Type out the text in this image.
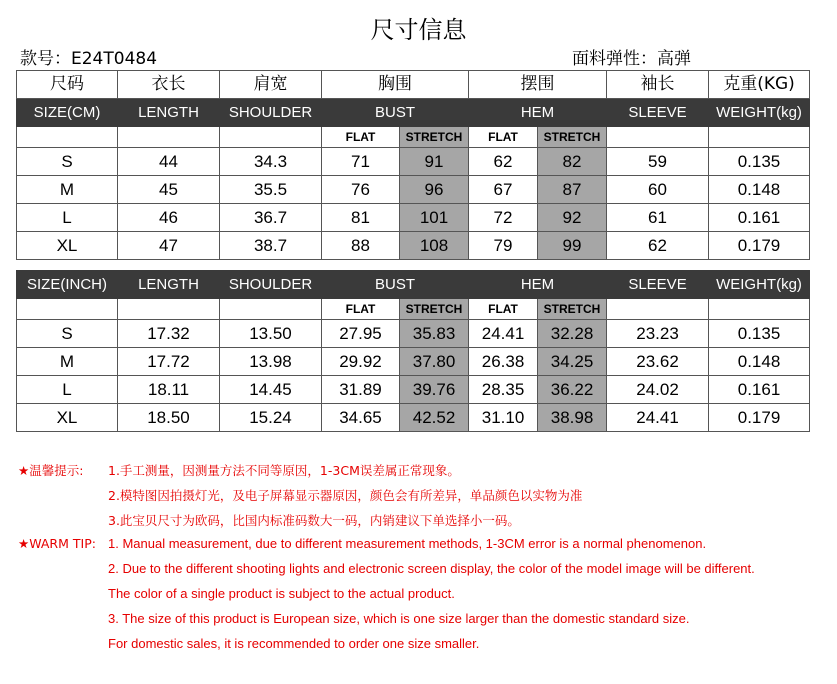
尺寸信息
款号：E24T0484	面料弹性：高弹
尺码	衣长	肩宽	胸围		摆围		袖长	克重(KG)
SIZE(CM)	LENGTH	SHOULDER	BUST		HEM		SLEEVE	WEIGHT(kg)
			FLAT	STRETCH	FLAT	STRETCH		
S	44	34.3	71	91	62	82	59	0.135
M	45	35.5	76	96	67	87	60	0.148
L	46	36.7	81	101	72	92	61	0.161
XL	47	38.7	88	108	79	99	62	0.179
SIZE(INCH)	LENGTH	SHOULDER	BUST		HEM		SLEEVE	WEIGHT(kg)
			FLAT	STRETCH	FLAT	STRETCH		
S	17.32	13.50	27.95	35.83	24.41	32.28	23.23	0.135
M	17.72	13.98	29.92	37.80	26.38	34.25	23.62	0.148
L	18.11	14.45	31.89	39.76	28.35	36.22	24.02	0.161
XL	18.50	15.24	34.65	42.52	31.10	38.98	24.41	0.179
★温馨提示: 1.手工测量，因测量方法不同等原因，1-3CM误差属正常现象。
2.模特图因拍摄灯光，及电子屏幕显示器原因，颜色会有所差异，单品颜色以实物为准
3.此宝贝尺寸为欧码，比国内标准码数大一码，内销建议下单选择小一码。
★WARM TIP: 1. Manual measurement, due to different measurement methods, 1-3CM error is a normal phenomenon.
2. Due to the different shooting lights and electronic screen display, the color of the model image will be different.
The color of a single product is subject to the actual product.
3. The size of this product is European size, which is one size larger than the domestic standard size.
For domestic sales, it is recommended to order one size smaller.
